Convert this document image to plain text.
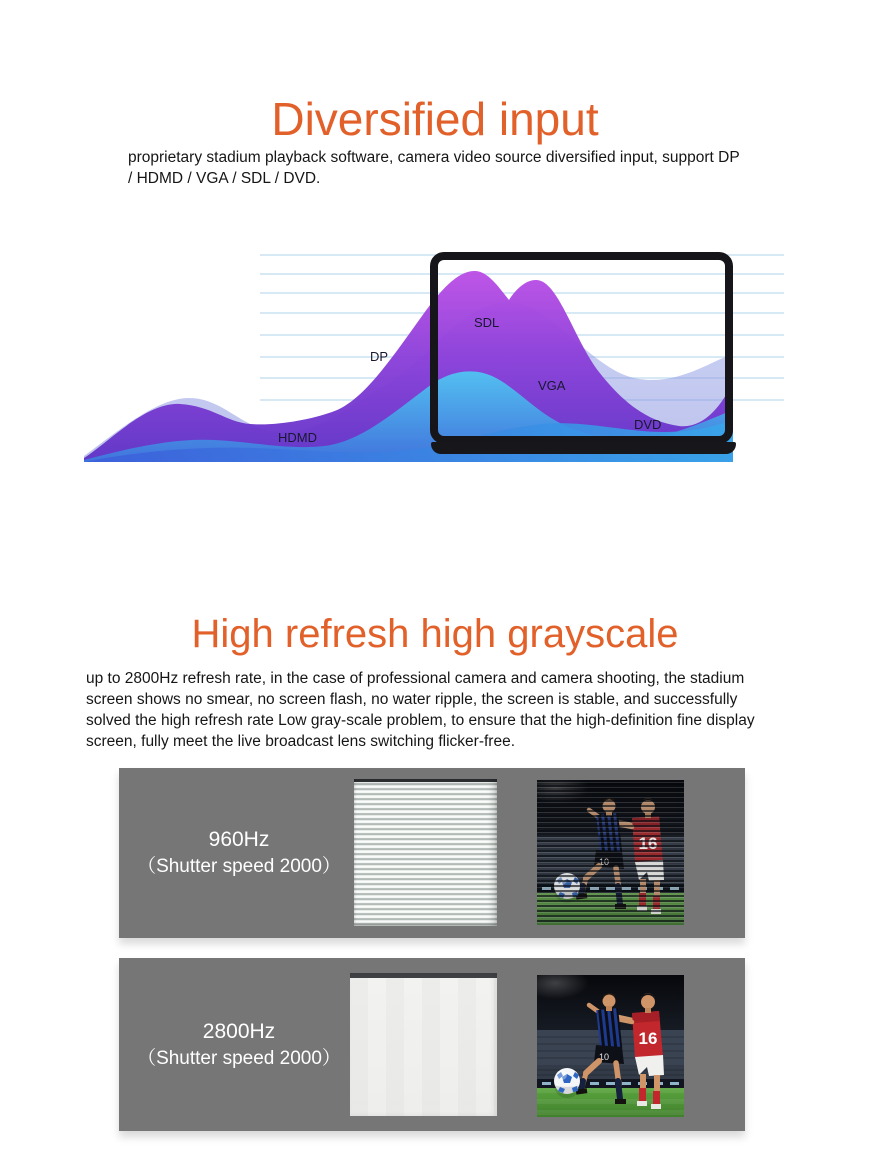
Diversified input

proprietary stadium playback software, camera video source diversified input, support DP / HDMD / VGA / SDL / DVD.

DP
SDL
VGA
HDMD
DVD
High refresh high grayscale

up to 2800Hz refresh rate, in the case of professional camera and camera shooting, the stadium screen shows no smear, no screen flash, no water ripple, the screen is stable, and successfully solved the high refresh rate Low gray-scale problem, to ensure that the high-definition fine display screen, fully meet the live broadcast lens switching flicker-free.

960Hz
（Shutter speed 2000）
2800Hz
（Shutter speed 2000）
